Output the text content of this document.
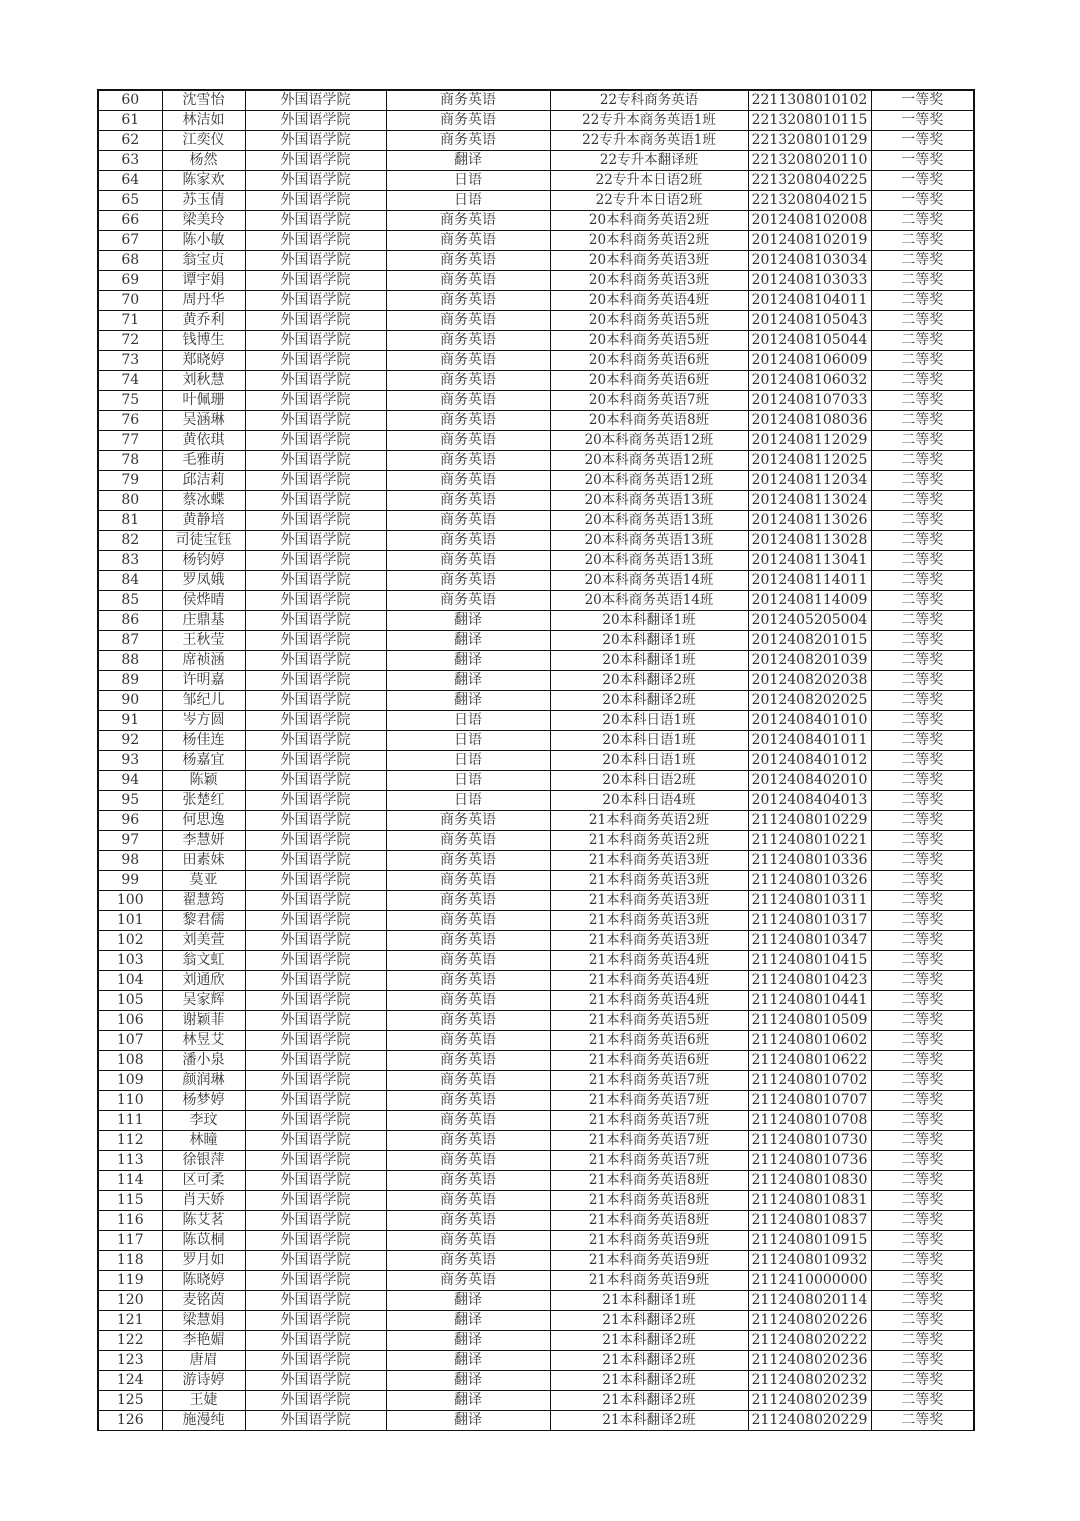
60	沈雪怡	外国语学院	商务英语	22专科商务英语	2211308010102	一等奖
61	林洁如	外国语学院	商务英语	22专升本商务英语1班	2213208010115	一等奖
62	江奕仪	外国语学院	商务英语	22专升本商务英语1班	2213208010129	一等奖
63	杨然	外国语学院	翻译	22专升本翻译班	2213208020110	一等奖
64	陈家欢	外国语学院	日语	22专升本日语2班	2213208040225	一等奖
65	苏玉倩	外国语学院	日语	22专升本日语2班	2213208040215	一等奖
66	梁美玲	外国语学院	商务英语	20本科商务英语2班	2012408102008	二等奖
67	陈小敏	外国语学院	商务英语	20本科商务英语2班	2012408102019	二等奖
68	翁宝贞	外国语学院	商务英语	20本科商务英语3班	2012408103034	二等奖
69	谭宇娟	外国语学院	商务英语	20本科商务英语3班	2012408103033	二等奖
70	周丹华	外国语学院	商务英语	20本科商务英语4班	2012408104011	二等奖
71	黄乔利	外国语学院	商务英语	20本科商务英语5班	2012408105043	二等奖
72	钱博生	外国语学院	商务英语	20本科商务英语5班	2012408105044	二等奖
73	郑晓婷	外国语学院	商务英语	20本科商务英语6班	2012408106009	二等奖
74	刘秋慧	外国语学院	商务英语	20本科商务英语6班	2012408106032	二等奖
75	叶佩珊	外国语学院	商务英语	20本科商务英语7班	2012408107033	二等奖
76	吴涵琳	外国语学院	商务英语	20本科商务英语8班	2012408108036	二等奖
77	黄依琪	外国语学院	商务英语	20本科商务英语12班	2012408112029	二等奖
78	毛雅萌	外国语学院	商务英语	20本科商务英语12班	2012408112025	二等奖
79	邱洁莉	外国语学院	商务英语	20本科商务英语12班	2012408112034	二等奖
80	蔡冰蝶	外国语学院	商务英语	20本科商务英语13班	2012408113024	二等奖
81	黄静培	外国语学院	商务英语	20本科商务英语13班	2012408113026	二等奖
82	司徒宝钰	外国语学院	商务英语	20本科商务英语13班	2012408113028	二等奖
83	杨钧婷	外国语学院	商务英语	20本科商务英语13班	2012408113041	二等奖
84	罗凤娥	外国语学院	商务英语	20本科商务英语14班	2012408114011	二等奖
85	侯烨晴	外国语学院	商务英语	20本科商务英语14班	2012408114009	二等奖
86	庄鼎基	外国语学院	翻译	20本科翻译1班	2012405205004	二等奖
87	王秋莹	外国语学院	翻译	20本科翻译1班	2012408201015	二等奖
88	席祯涵	外国语学院	翻译	20本科翻译1班	2012408201039	二等奖
89	许明嘉	外国语学院	翻译	20本科翻译2班	2012408202038	二等奖
90	邹纪儿	外国语学院	翻译	20本科翻译2班	2012408202025	二等奖
91	岑方圆	外国语学院	日语	20本科日语1班	2012408401010	二等奖
92	杨佳连	外国语学院	日语	20本科日语1班	2012408401011	二等奖
93	杨嘉宜	外国语学院	日语	20本科日语1班	2012408401012	二等奖
94	陈颖	外国语学院	日语	20本科日语2班	2012408402010	二等奖
95	张楚红	外国语学院	日语	20本科日语4班	2012408404013	二等奖
96	何思逸	外国语学院	商务英语	21本科商务英语2班	2112408010229	二等奖
97	李慧妍	外国语学院	商务英语	21本科商务英语2班	2112408010221	二等奖
98	田素妹	外国语学院	商务英语	21本科商务英语3班	2112408010336	二等奖
99	莫亚	外国语学院	商务英语	21本科商务英语3班	2112408010326	二等奖
100	翟慧筠	外国语学院	商务英语	21本科商务英语3班	2112408010311	二等奖
101	黎君儒	外国语学院	商务英语	21本科商务英语3班	2112408010317	二等奖
102	刘美萱	外国语学院	商务英语	21本科商务英语3班	2112408010347	二等奖
103	翁文虹	外国语学院	商务英语	21本科商务英语4班	2112408010415	二等奖
104	刘通欣	外国语学院	商务英语	21本科商务英语4班	2112408010423	二等奖
105	吴家辉	外国语学院	商务英语	21本科商务英语4班	2112408010441	二等奖
106	谢颖菲	外国语学院	商务英语	21本科商务英语5班	2112408010509	二等奖
107	林昱艾	外国语学院	商务英语	21本科商务英语6班	2112408010602	二等奖
108	潘小泉	外国语学院	商务英语	21本科商务英语6班	2112408010622	二等奖
109	颜润琳	外国语学院	商务英语	21本科商务英语7班	2112408010702	二等奖
110	杨梦婷	外国语学院	商务英语	21本科商务英语7班	2112408010707	二等奖
111	李玟	外国语学院	商务英语	21本科商务英语7班	2112408010708	二等奖
112	林瞳	外国语学院	商务英语	21本科商务英语7班	2112408010730	二等奖
113	徐银萍	外国语学院	商务英语	21本科商务英语7班	2112408010736	二等奖
114	区可柔	外国语学院	商务英语	21本科商务英语8班	2112408010830	二等奖
115	肖天娇	外国语学院	商务英语	21本科商务英语8班	2112408010831	二等奖
116	陈艾茗	外国语学院	商务英语	21本科商务英语8班	2112408010837	二等奖
117	陈苡桐	外国语学院	商务英语	21本科商务英语9班	2112408010915	二等奖
118	罗月如	外国语学院	商务英语	21本科商务英语9班	2112408010932	二等奖
119	陈晓婷	外国语学院	商务英语	21本科商务英语9班	2112410000000	二等奖
120	麦铭茵	外国语学院	翻译	21本科翻译1班	2112408020114	二等奖
121	梁慧娟	外国语学院	翻译	21本科翻译2班	2112408020226	二等奖
122	李艳媚	外国语学院	翻译	21本科翻译2班	2112408020222	二等奖
123	唐眉	外国语学院	翻译	21本科翻译2班	2112408020236	二等奖
124	游诗婷	外国语学院	翻译	21本科翻译2班	2112408020232	二等奖
125	王婕	外国语学院	翻译	21本科翻译2班	2112408020239	二等奖
126	施漫纯	外国语学院	翻译	21本科翻译2班	2112408020229	二等奖
